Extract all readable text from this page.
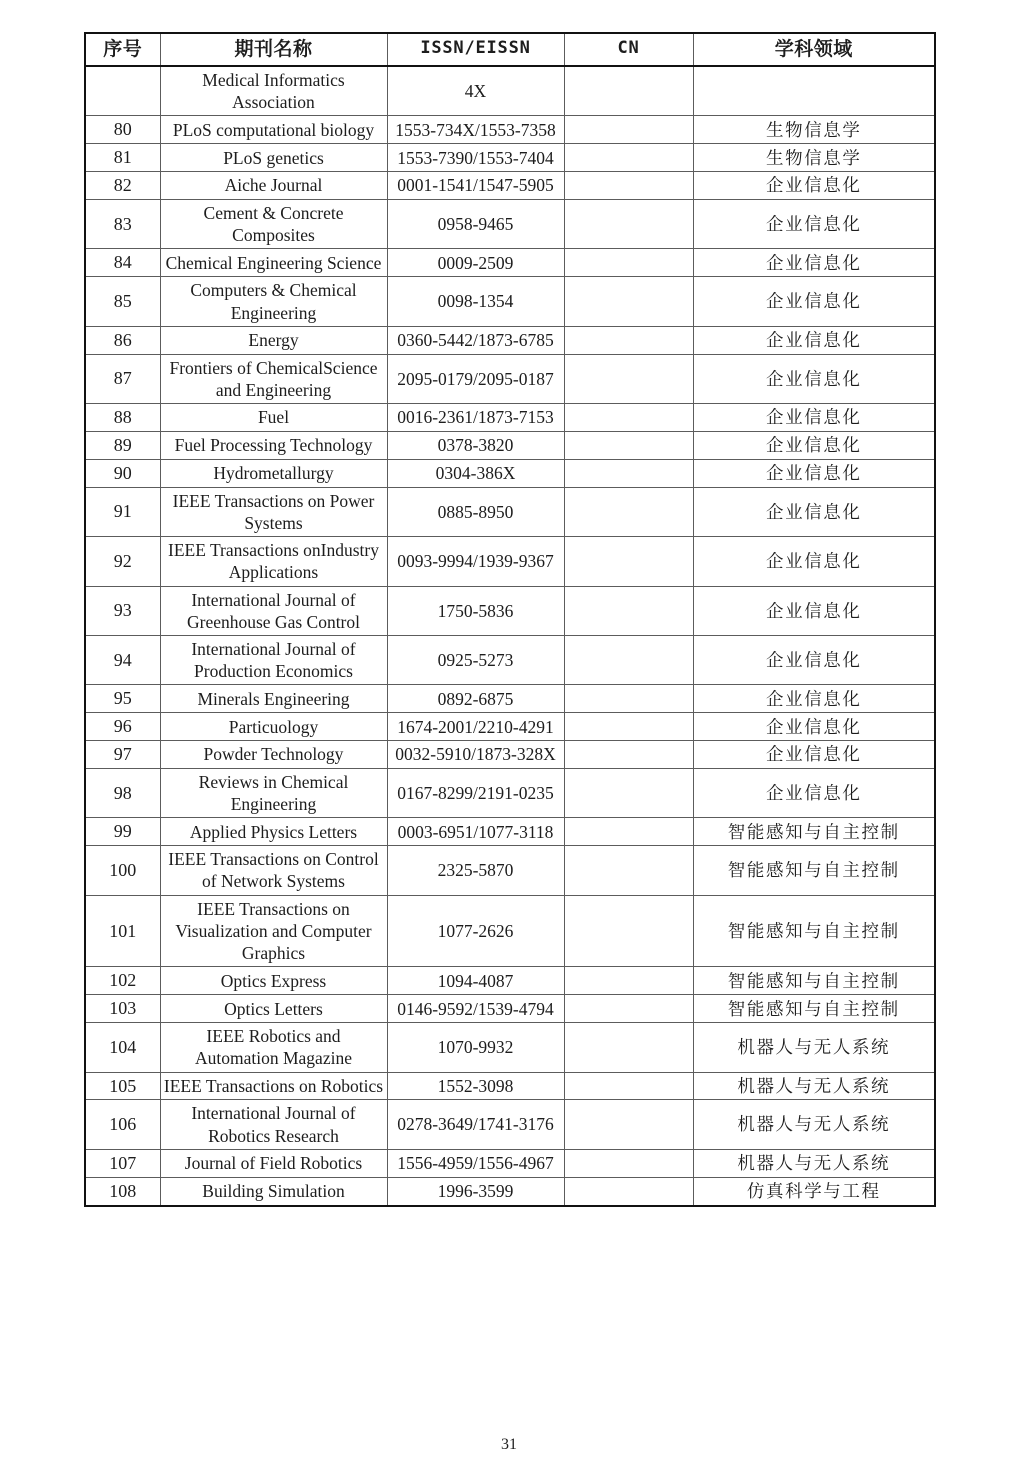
序号	期刊名称	ISSN/EISSN	CN	学科领域
	Medical Informatics Association	4X		
80	PLoS computational biology	1553-734X/1553-7358		生物信息学
81	PLoS genetics	1553-7390/1553-7404		生物信息学
82	Aiche Journal	0001-1541/1547-5905		企业信息化
83	Cement & Concrete Composites	0958-9465		企业信息化
84	Chemical Engineering Science	0009-2509		企业信息化
85	Computers & Chemical Engineering	0098-1354		企业信息化
86	Energy	0360-5442/1873-6785		企业信息化
87	Frontiers of ChemicalScience and Engineering	2095-0179/2095-0187		企业信息化
88	Fuel	0016-2361/1873-7153		企业信息化
89	Fuel Processing Technology	0378-3820		企业信息化
90	Hydrometallurgy	0304-386X		企业信息化
91	IEEE Transactions on Power Systems	0885-8950		企业信息化
92	IEEE Transactions onIndustry Applications	0093-9994/1939-9367		企业信息化
93	International Journal of Greenhouse Gas Control	1750-5836		企业信息化
94	International Journal of Production Economics	0925-5273		企业信息化
95	Minerals Engineering	0892-6875		企业信息化
96	Particuology	1674-2001/2210-4291		企业信息化
97	Powder Technology	0032-5910/1873-328X		企业信息化
98	Reviews in Chemical Engineering	0167-8299/2191-0235		企业信息化
99	Applied Physics Letters	0003-6951/1077-3118		智能感知与自主控制
100	IEEE Transactions on Control of Network Systems	2325-5870		智能感知与自主控制
101	IEEE Transactions on Visualization and Computer Graphics	1077-2626		智能感知与自主控制
102	Optics Express	1094-4087		智能感知与自主控制
103	Optics Letters	0146-9592/1539-4794		智能感知与自主控制
104	IEEE Robotics and Automation Magazine	1070-9932		机器人与无人系统
105	IEEE Transactions on Robotics	1552-3098		机器人与无人系统
106	International Journal of Robotics Research	0278-3649/1741-3176		机器人与无人系统
107	Journal of Field Robotics	1556-4959/1556-4967		机器人与无人系统
108	Building Simulation	1996-3599		仿真科学与工程
31
